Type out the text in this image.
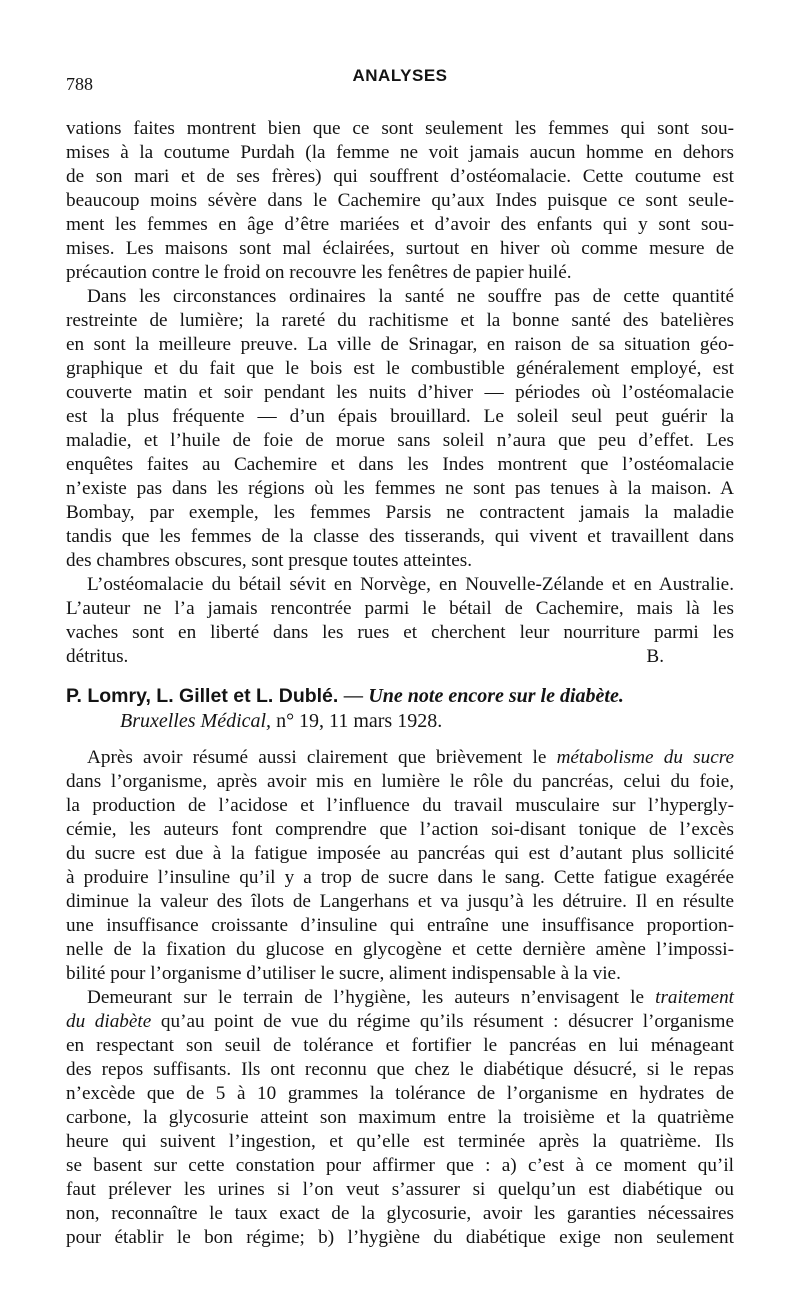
788	ANALYSES
vations faites montrent bien que ce sont seulement les femmes qui sont sou-
mises à la coutume Purdah (la femme ne voit jamais aucun homme en dehors
de son mari et de ses frères) qui souffrent d’ostéomalacie. Cette coutume est
beaucoup moins sévère dans le Cachemire qu’aux Indes puisque ce sont seule-
ment les femmes en âge d’être mariées et d’avoir des enfants qui y sont sou-
mises. Les maisons sont mal éclairées, surtout en hiver où comme mesure de
précaution contre le froid on recouvre les fenêtres de papier huilé.
Dans les circonstances ordinaires la santé ne souffre pas de cette quantité
restreinte de lumière; la rareté du rachitisme et la bonne santé des batelières
en sont la meilleure preuve. La ville de Srinagar, en raison de sa situation géo-
graphique et du fait que le bois est le combustible généralement employé, est
couverte matin et soir pendant les nuits d’hiver — périodes où l’ostéomalacie
est la plus fréquente — d’un épais brouillard. Le soleil seul peut guérir la
maladie, et l’huile de foie de morue sans soleil n’aura que peu d’effet. Les
enquêtes faites au Cachemire et dans les Indes montrent que l’ostéomalacie
n’existe pas dans les régions où les femmes ne sont pas tenues à la maison. A
Bombay, par exemple, les femmes Parsis ne contractent jamais la maladie
tandis que les femmes de la classe des tisserands, qui vivent et travaillent dans
des chambres obscures, sont presque toutes atteintes.
L’ostéomalacie du bétail sévit en Norvège, en Nouvelle-Zélande et en Australie.
L’auteur ne l’a jamais rencontrée parmi le bétail de Cachemire, mais là les
vaches sont en liberté dans les rues et cherchent leur nourriture parmi les
détritus.	B.
P. Lomry, L. Gillet et L. Dublé. — Une note encore sur le diabète.
Bruxelles Médical, n° 19, 11 mars 1928.
Après avoir résumé aussi clairement que brièvement le métabolisme du sucre
dans l’organisme, après avoir mis en lumière le rôle du pancréas, celui du foie,
la production de l’acidose et l’influence du travail musculaire sur l’hypergly-
cémie, les auteurs font comprendre que l’action soi-disant tonique de l’excès
du sucre est due à la fatigue imposée au pancréas qui est d’autant plus sollicité
à produire l’insuline qu’il y a trop de sucre dans le sang. Cette fatigue exagérée
diminue la valeur des îlots de Langerhans et va jusqu’à les détruire. Il en résulte
une insuffisance croissante d’insuline qui entraîne une insuffisance proportion-
nelle de la fixation du glucose en glycogène et cette dernière amène l’impossi-
bilité pour l’organisme d’utiliser le sucre, aliment indispensable à la vie.
Demeurant sur le terrain de l’hygiène, les auteurs n’envisagent le traitement
du diabète qu’au point de vue du régime qu’ils résument : désucrer l’organisme
en respectant son seuil de tolérance et fortifier le pancréas en lui ménageant
des repos suffisants. Ils ont reconnu que chez le diabétique désucré, si le repas
n’excède que de 5 à 10 grammes la tolérance de l’organisme en hydrates de
carbone, la glycosurie atteint son maximum entre la troisième et la quatrième
heure qui suivent l’ingestion, et qu’elle est terminée après la quatrième. Ils
se basent sur cette constation pour affirmer que : a) c’est à ce moment qu’il
faut prélever les urines si l’on veut s’assurer si quelqu’un est diabétique ou
non, reconnaître le taux exact de la glycosurie, avoir les garanties nécessaires
pour établir le bon régime; b) l’hygiène du diabétique exige non seulement
